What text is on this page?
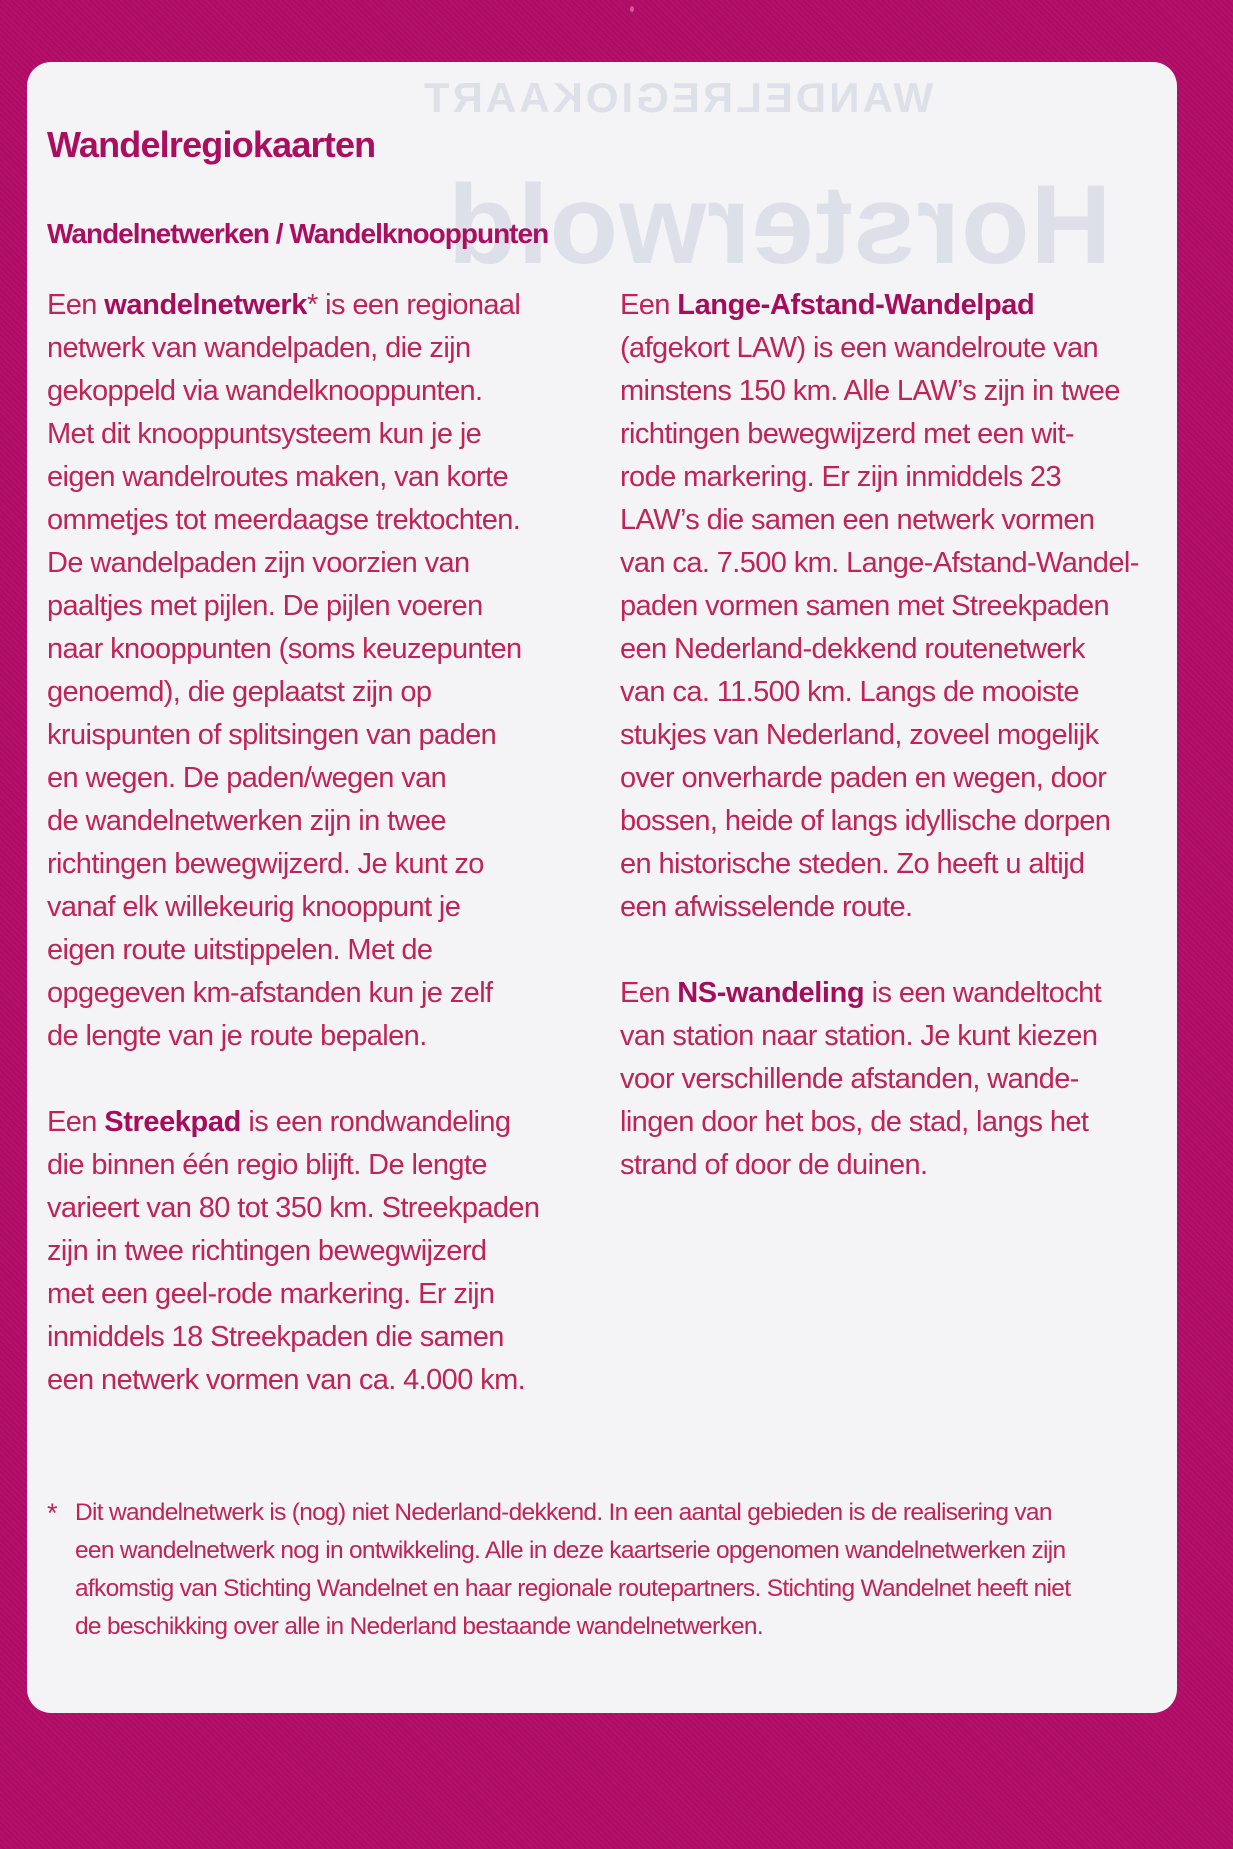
WANDELREGIOKAART
Horsterwold
Wandelregiokaarten
Wandelnetwerken / Wandelknooppunten

Een wandelnetwerk* is een regionaal
netwerk van wandelpaden, die zijn
gekoppeld via wandelknooppunten.
Met dit knooppuntsysteem kun je je
eigen wandelroutes maken, van korte
ommetjes tot meerdaagse trektochten.
De wandelpaden zijn voorzien van
paaltjes met pijlen. De pijlen voeren
naar knooppunten (soms keuzepunten
genoemd), die geplaatst zijn op
kruispunten of splitsingen van paden
en wegen. De paden/wegen van
de wandelnetwerken zijn in twee
richtingen bewegwijzerd. Je kunt zo
vanaf elk willekeurig knooppunt je
eigen route uitstippelen. Met de
opgegeven km-afstanden kun je zelf
de lengte van je route bepalen.

Een Streekpad is een rondwandeling
die binnen één regio blijft. De lengte
varieert van 80 tot 350 km. Streekpaden
zijn in twee richtingen bewegwijzerd
met een geel-rode markering. Er zijn
inmiddels 18 Streekpaden die samen
een netwerk vormen van ca. 4.000 km.

Een Lange-Afstand-Wandelpad
(afgekort LAW) is een wandelroute van
minstens 150 km. Alle LAW’s zijn in twee
richtingen bewegwijzerd met een wit-
rode markering. Er zijn inmiddels 23
LAW’s die samen een netwerk vormen
van ca. 7.500 km. Lange-Afstand-Wandel-
paden vormen samen met Streekpaden
een Nederland-dekkend routenetwerk
van ca. 11.500 km. Langs de mooiste
stukjes van Nederland, zoveel mogelijk
over onverharde paden en wegen, door
bossen, heide of langs idyllische dorpen
en historische steden. Zo heeft u altijd
een afwisselende route.

Een NS-wandeling is een wandeltocht
van station naar station. Je kunt kiezen
voor verschillende afstanden, wande-
lingen door het bos, de stad, langs het
strand of door de duinen.

* Dit wandelnetwerk is (nog) niet Nederland-dekkend. In een aantal gebieden is de realisering van
een wandelnetwerk nog in ontwikkeling. Alle in deze kaartserie opgenomen wandelnetwerken zijn
afkomstig van Stichting Wandelnet en haar regionale routepartners. Stichting Wandelnet heeft niet
de beschikking over alle in Nederland bestaande wandelnetwerken.
